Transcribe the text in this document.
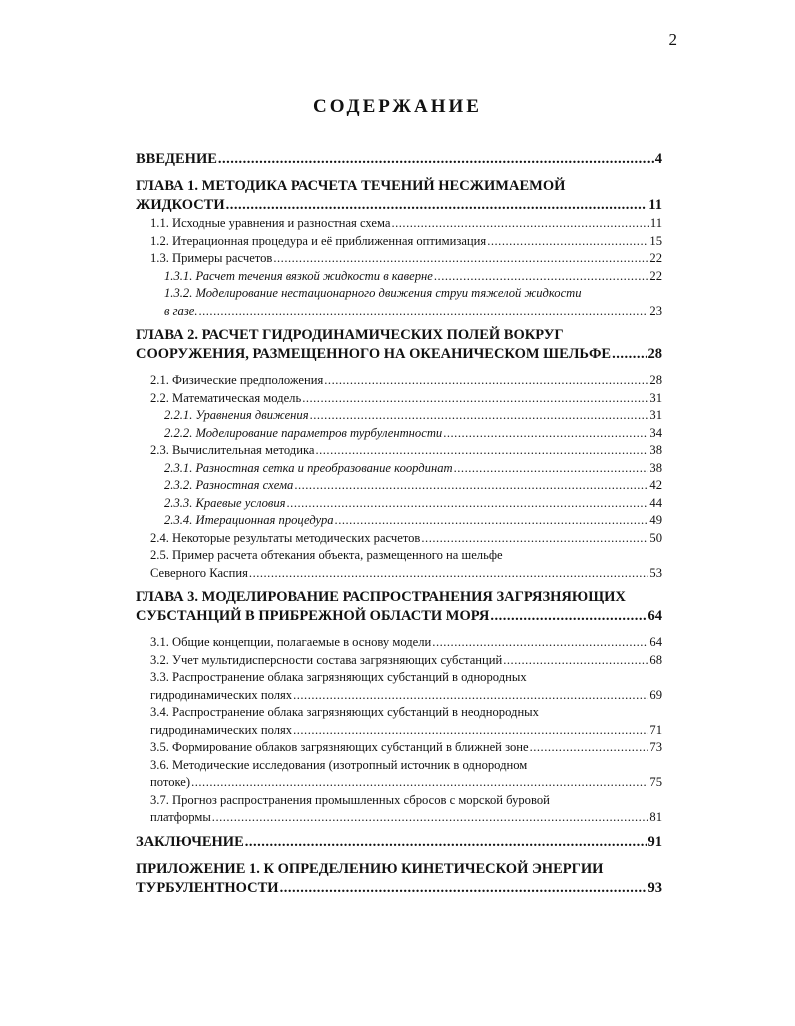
2
СОДЕРЖАНИЕ
ВВЕДЕНИЕ .....	4
ГЛАВА 1. МЕТОДИКА РАСЧЕТА ТЕЧЕНИЙ НЕСЖИМАЕМОЙ
ЖИДКОСТИ .....	11
1.1. Исходные уравнения и разностная схема .....	11
1.2. Итерационная процедура и её приближенная оптимизация .....	15
1.3. Примеры расчетов .....	22
1.3.1. Расчет течения вязкой жидкости в каверне .....	22
1.3.2. Моделирование нестационарного движения струи тяжелой жидкости
в газе. .....	23
ГЛАВА 2. РАСЧЕТ ГИДРОДИНАМИЧЕСКИХ ПОЛЕЙ ВОКРУГ
СООРУЖЕНИЯ, РАЗМЕЩЕННОГО НА ОКЕАНИЧЕСКОМ ШЕЛЬФЕ .....	28
2.1. Физические предположения .....	28
2.2. Математическая модель .....	31
2.2.1. Уравнения движения .....	31
2.2.2. Моделирование параметров турбулентности .....	34
2.3. Вычислительная методика .....	38
2.3.1. Разностная сетка и преобразование координат .....	38
2.3.2. Разностная схема .....	42
2.3.3. Краевые условия .....	44
2.3.4. Итерационная процедура .....	49
2.4. Некоторые результаты методических расчетов .....	50
2.5. Пример расчета обтекания объекта, размещенного на шельфе
Северного Каспия .....	53
ГЛАВА 3. МОДЕЛИРОВАНИЕ РАСПРОСТРАНЕНИЯ ЗАГРЯЗНЯЮЩИХ
СУБСТАНЦИЙ В ПРИБРЕЖНОЙ ОБЛАСТИ МОРЯ .....	64
3.1. Общие концепции, полагаемые в основу модели .....	64
3.2. Учет мультидисперсности состава загрязняющих субстанций .....	68
3.3. Распространение облака загрязняющих субстанций в однородных
гидродинамических полях .....	69
3.4. Распространение облака загрязняющих субстанций в неоднородных
гидродинамических полях .....	71
3.5. Формирование облаков загрязняющих субстанций в ближней зоне .....	73
3.6. Методические исследования (изотропный источник в однородном
потоке) .....	75
3.7. Прогноз распространения промышленных сбросов с морской буровой
платформы .....	81
ЗАКЛЮЧЕНИЕ .....	91
ПРИЛОЖЕНИЕ 1. К ОПРЕДЕЛЕНИЮ КИНЕТИЧЕСКОЙ ЭНЕРГИИ
ТУРБУЛЕНТНОСТИ .....	93
